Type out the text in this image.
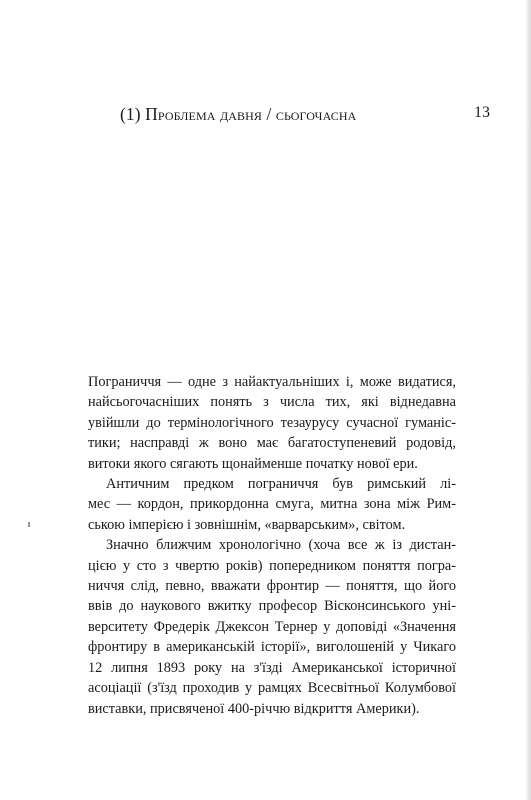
(1) Проблема давня / сьогочасна	13
Пограниччя — одне з найактуальніших і, може видатися,
найсьогочасніших понять з числа тих, які віднедавна
увійшли до термінологічного тезаурусу сучасної гуманіс-
тики; насправді ж воно має багатоступеневий родовід,
витоки якого сягають щонайменше початку нової ери.
Античним предком пограниччя був римський лі-
мес — кордон, прикордонна смуга, митна зона між Рим-
ською імперією і зовнішнім, «варварським», світом.
Значно ближчим хронологічно (хоча все ж із дистан-
цією у сто з чвертю років) попередником поняття погра-
ниччя слід, певно, вважати фронтир — поняття, що його
ввів до наукового вжитку професор Вісконсинського уні-
верситету Фредерік Джексон Тернер у доповіді «Значення
фронтиру в американській історії», виголошеній у Чикаго
12 липня 1893 року на з'їзді Американської історичної
асоціації (з'їзд проходив у рамцях Всесвітньої Колумбової
виставки, присвяченої 400-річчю відкриття Америки).
